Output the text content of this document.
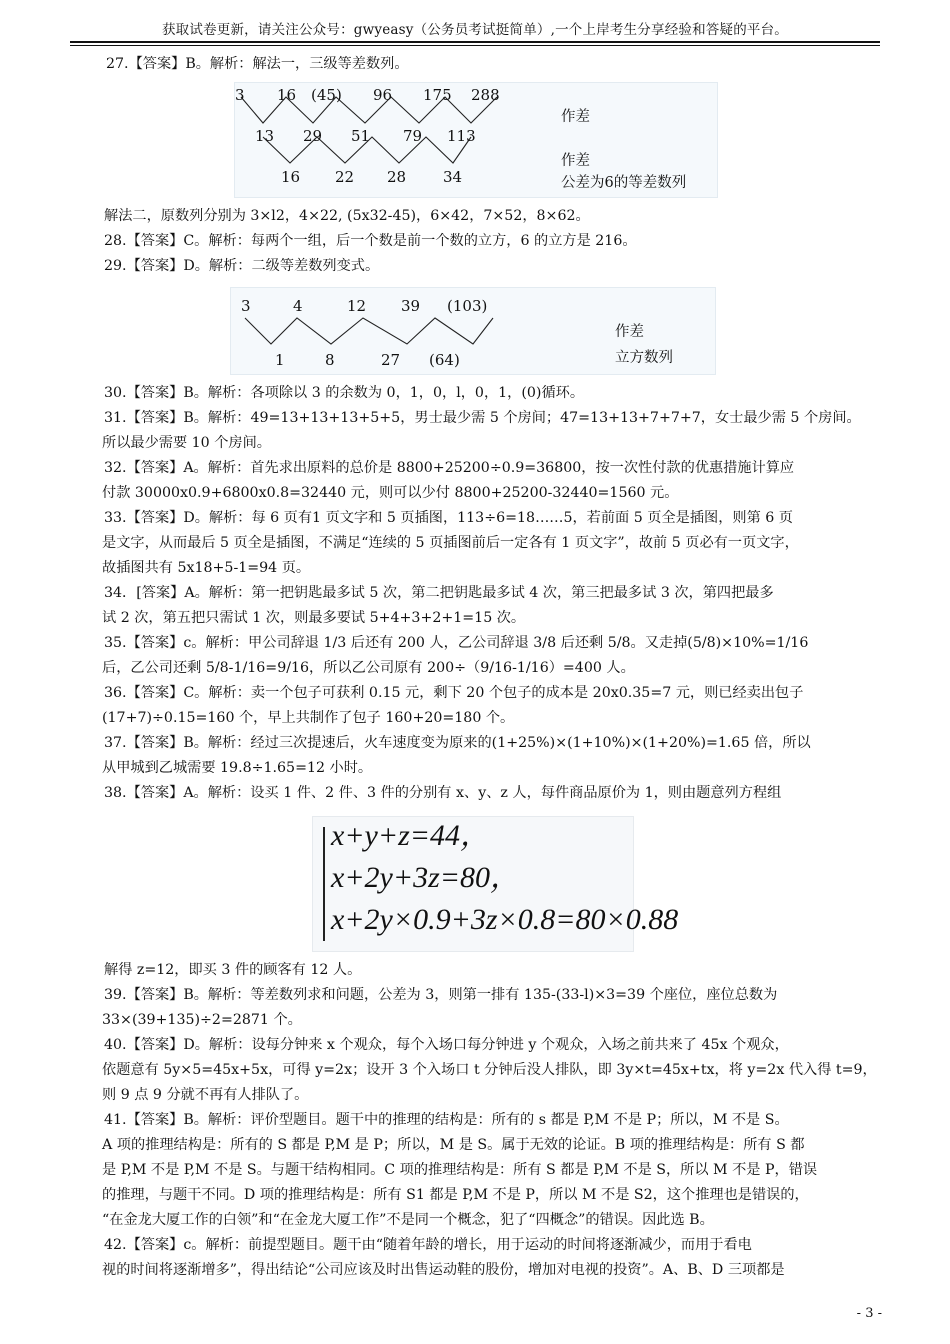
获取试卷更新，请关注公众号：gwyeasy（公务员考试挺简单）,一个上岸考生分享经验和答疑的平台。
27.【答案】B。解析：解法一，三级等差数列。
3 16 (45) 96 175 288
13 29 51 79 113
16 22 28 34
作差
作差
公差为6的等差数列
解法二，原数列分别为 3×l2，4×22, (5x32-45)，6×42，7×52，8×62。
28.【答案】C。解析：每两个一组，后一个数是前一个数的立方，6 的立方是 216。
29.【答案】D。解析：二级等差数列变式。
3	4	12 39 (103)
1	8	27 (64)
作差
立方数列
30.【答案】B。解析：各项除以 3 的余数为 0，1，0，l，0，1，(0)循环。
31.【答案】B。解析：49=13+13+13+5+5，男士最少需 5 个房间；47=13+13+7+7+7，女士最少需 5 个房间。
所以最少需要 10 个房间。
32.【答案】A。解析：首先求出原料的总价是 8800+25200÷0.9=36800，按一次性付款的优惠措施计算应
付款 30000x0.9+6800x0.8=32440 元，则可以少付 8800+25200-32440=1560 元。
33.【答案】D。解析：每 6 页有1 页文字和 5 页插图，113÷6=18……5，若前面 5 页全是插图，则第 6 页
是文字，从而最后 5 页全是插图，不满足“连续的 5 页插图前后一定各有 1 页文字”，故前 5 页必有一页文字，
故插图共有 5x18+5-1=94 页。
34．[答案】A。解析：第一把钥匙最多试 5 次，第二把钥匙最多试 4 次，第三把最多试 3 次，第四把最多
试 2 次，第五把只需试 1 次，则最多要试 5+4+3+2+1=15 次。
35.【答案】c。解析：甲公司辞退 1/3 后还有 200 人，乙公司辞退 3/8 后还剩 5/8。又走掉(5/8)×10%=1/16
后，乙公司还剩 5/8-1/16=9/16，所以乙公司原有 200÷（9/16-1/16）=400 人。
36.【答案】C。解析：卖一个包子可获利 0.15 元，剩下 20 个包子的成本是 20x0.35=7 元，则已经卖出包子
(17+7)÷0.15=160 个，早上共制作了包子 160+20=180 个。
37.【答案】B。解析：经过三次提速后，火车速度变为原来的(1+25%)×(1+10%)×(1+20%)=1.65 倍，所以
从甲城到乙城需要 19.8÷1.65=12 小时。
38.【答案】A。解析：设买 1 件、2 件、3 件的分别有 x、y、z 人，每件商品原价为 1，则由题意列方程组
x+y+z=44，
x+2y+3z=80，
x+2y×0.9+3z×0.8=80×0.88
解得 z=12，即买 3 件的顾客有 12 人。
39.【答案】B。解析：等差数列求和问题，公差为 3，则第一排有 135-(33-l)×3=39 个座位，座位总数为
33×(39+135)÷2=2871 个。
40.【答案】D。解析：设每分钟来 x 个观众，每个入场口每分钟进 y 个观众，入场之前共来了 45x 个观众，
依题意有 5y×5=45x+5x，可得 y=2x；设开 3 个入场口 t 分钟后没人排队，即 3y×t=45x+tx，将 y=2x 代入得 t=9，
则 9 点 9 分就不再有人排队了。
41.【答案】B。解析：评价型题目。题干中的推理的结构是：所有的 s 都是 P,M 不是 P；所以，M 不是 S。
A 项的推理结构是：所有的 S 都是 P,M 是 P；所以，M 是 S。属于无效的论证。B 项的推理结构是：所有 S 都
是 P,M 不是 P,M 不是 S。与题干结构相同。C 项的推理结构是：所有 S 都是 P,M 不是 S，所以 M 不是 P，错误
的推理，与题干不同。D 项的推理结构是：所有 S1 都是 P,M 不是 P，所以 M 不是 S2，这个推理也是错误的，
“在金龙大厦工作的白领”和“在金龙大厦工作”不是同一个概念，犯了“四概念”的错误。因此选 B。
42.【答案】c。解析：前提型题目。题干由“随着年龄的增长，用于运动的时间将逐渐减少，而用于看电
视的时间将逐渐增多”，得出结论“公司应该及时出售运动鞋的股份，增加对电视的投资”。A、B、D 三项都是
- 3 -
